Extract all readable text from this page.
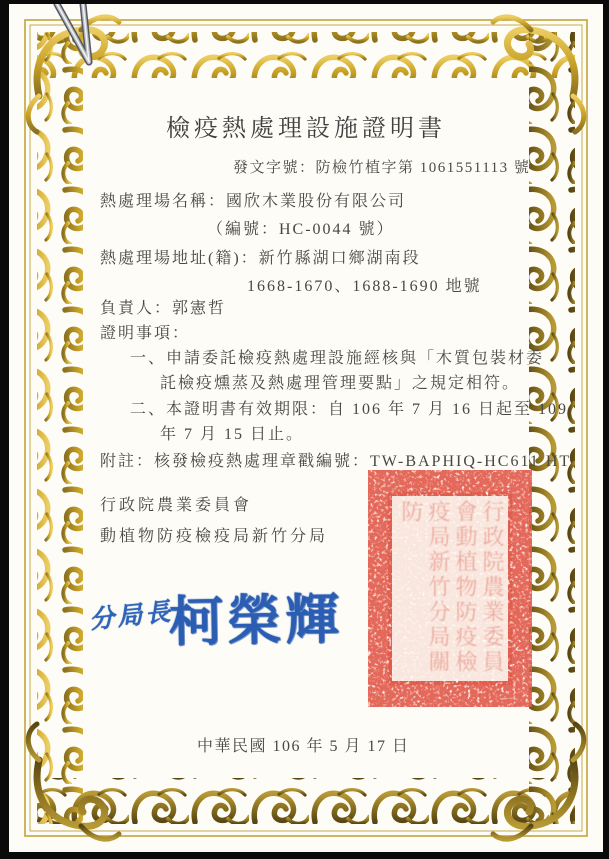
檢疫熱處理設施證明書
發文字號：防檢竹植字第 1061551113 號
熱處理場名稱：國欣木業股份有限公司
（編號：HC-0044 號）
熱處理場地址(籍)：新竹縣湖口鄉湖南段
1668-1670、1688-1690 地號
負責人：郭憲哲
證明事項：
一、申請委託檢疫熱處理設施經核與「木質包裝材委
託檢疫燻蒸及熱處理管理要點」之規定相符。
二、本證明書有效期限：自 106 年 7 月 16 日起至 109
年 7 月 15 日止。
附註：核發檢疫熱處理章戳編號：TW-BAPHIQ-HC611 HT
行政院農業委員會
動植物防疫檢疫局新竹分局
分局長
柯榮輝	行政院農業委員會動植物防疫檢疫局新竹分局關防
中華民國 106 年 5 月 17 日
